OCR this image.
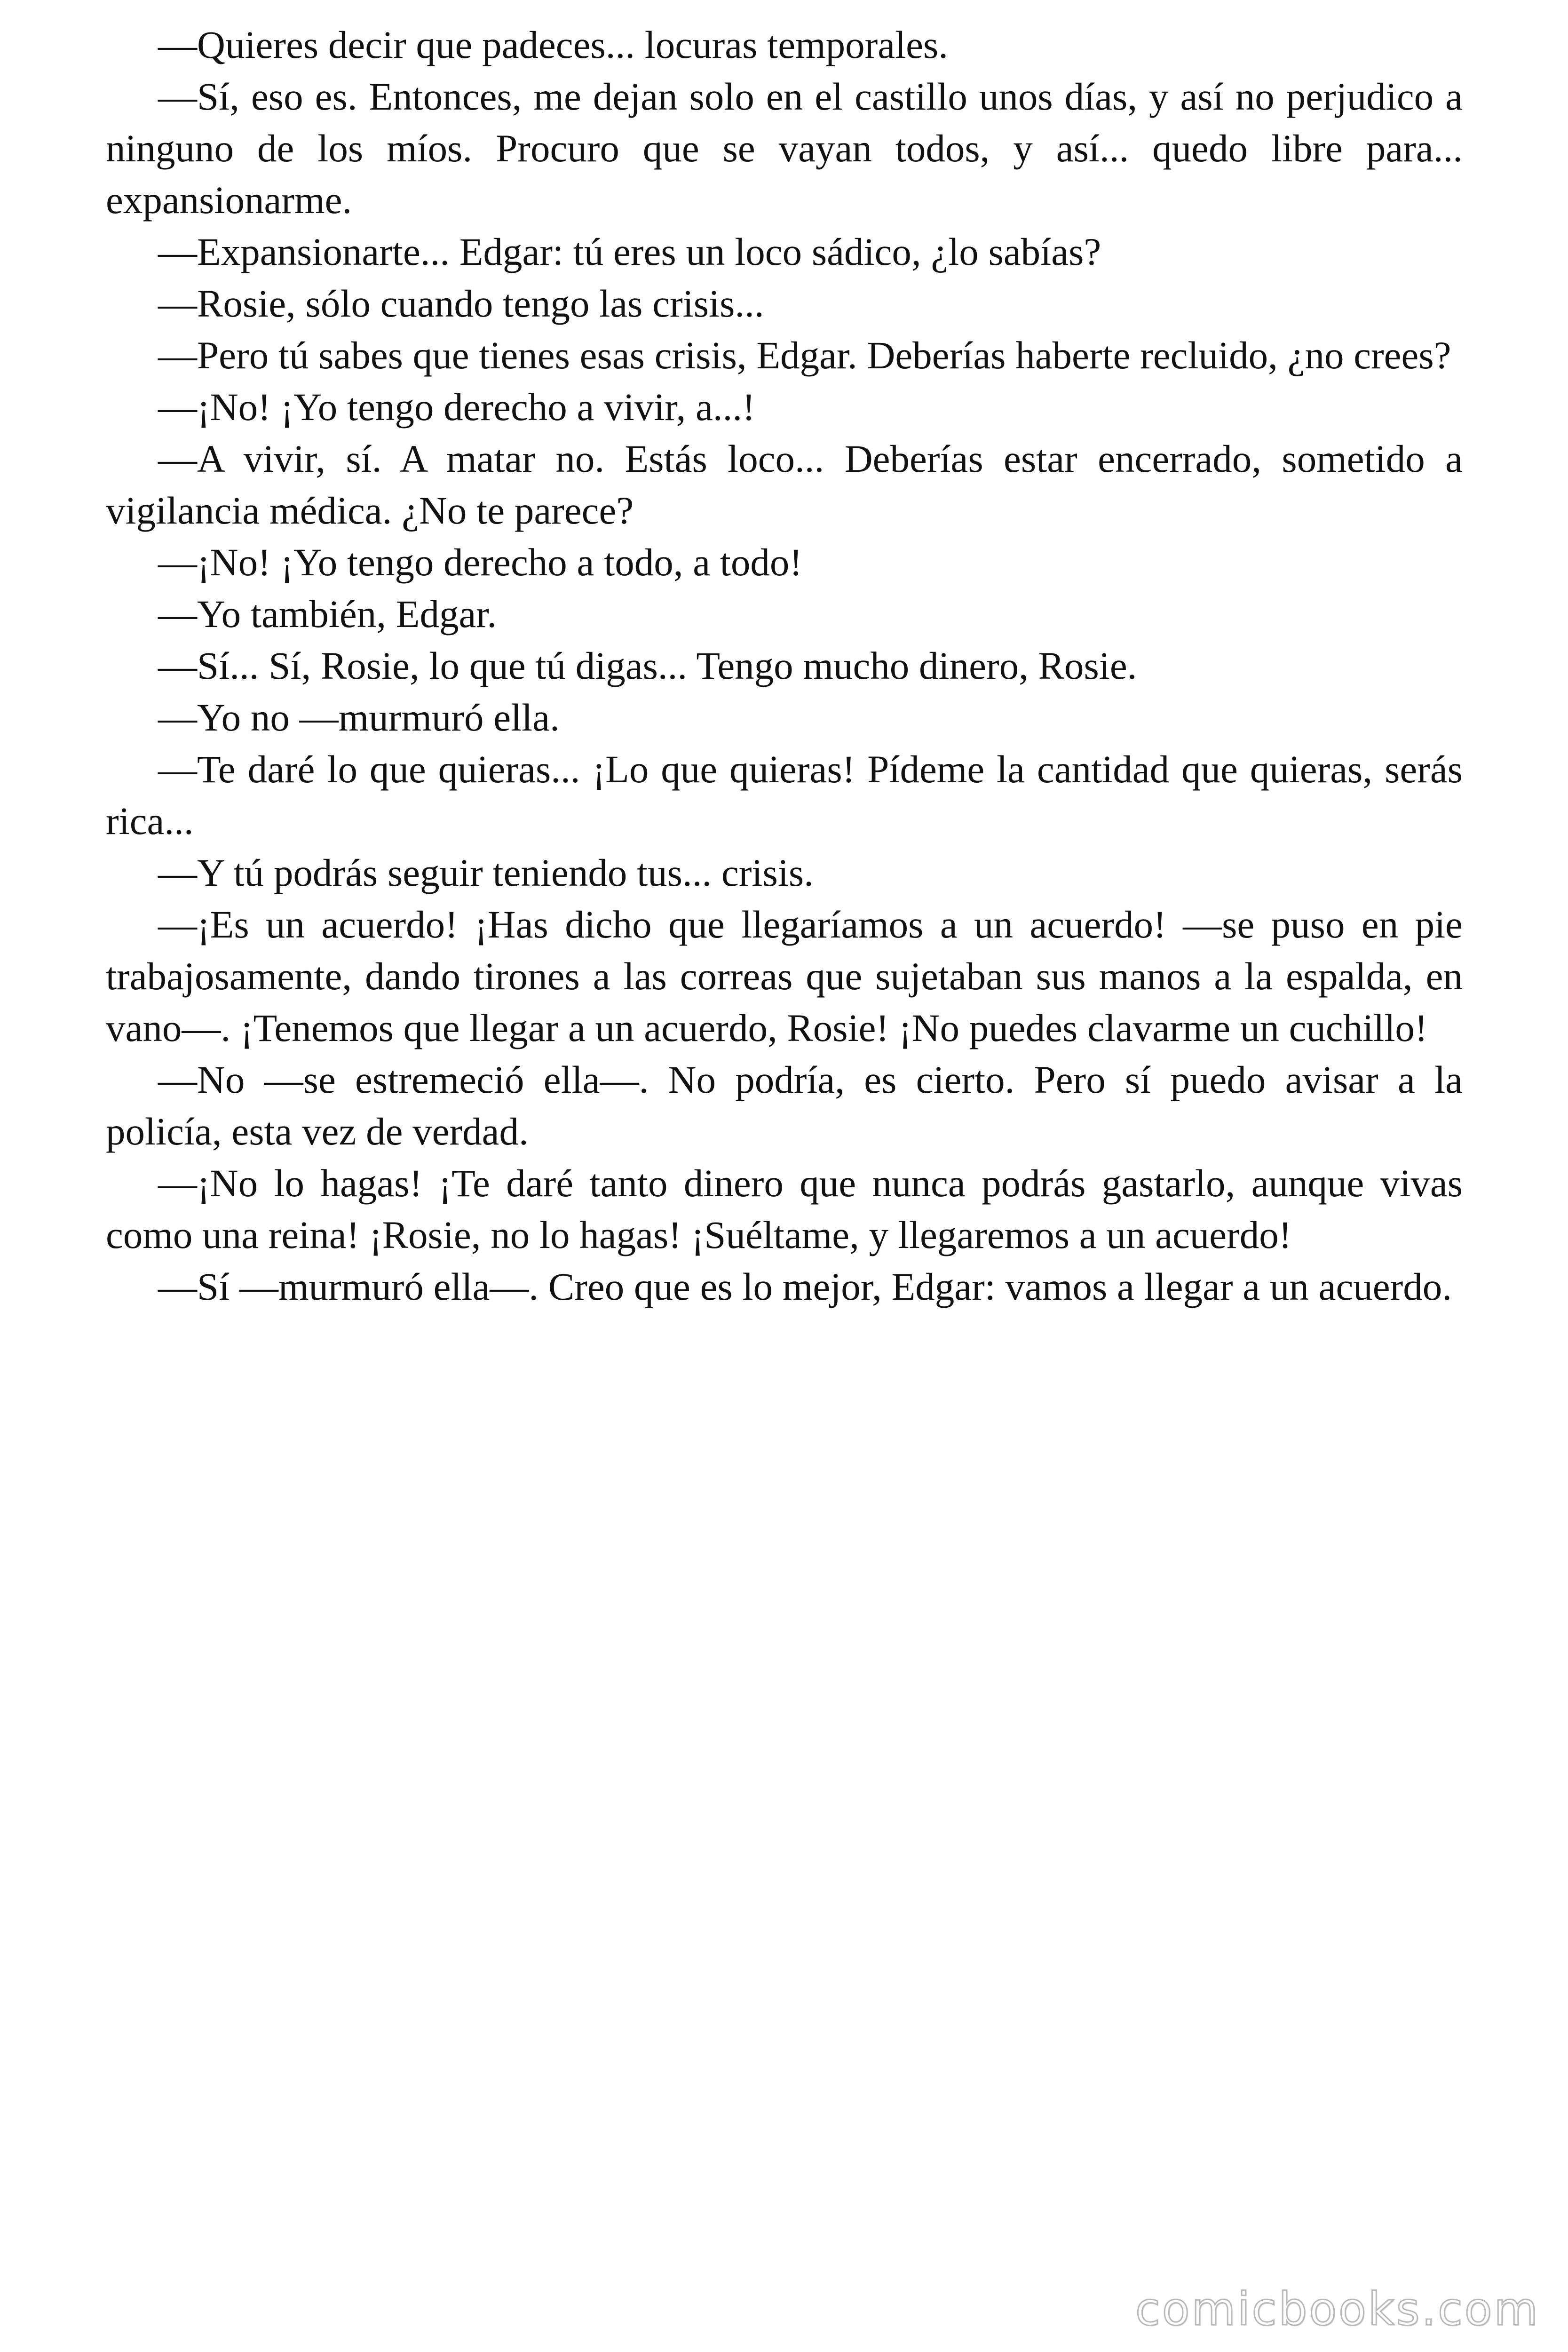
—Quieres decir que padeces... locuras temporales.

—Sí, eso es. Entonces, me dejan solo en el castillo unos días, y así no perjudico a ninguno de los míos. Procuro que se vayan todos, y así... quedo libre para... expansionarme.

—Expansionarte... Edgar: tú eres un loco sádico, ¿lo sabías?

—Rosie, sólo cuando tengo las crisis...

—Pero tú sabes que tienes esas crisis, Edgar. Deberías haberte recluido, ¿no crees?

—¡No! ¡Yo tengo derecho a vivir, a...!

—A vivir, sí. A matar no. Estás loco... Deberías estar encerrado, sometido a vigilancia médica. ¿No te parece?

—¡No! ¡Yo tengo derecho a todo, a todo!

—Yo también, Edgar.

—Sí... Sí, Rosie, lo que tú digas... Tengo mucho dinero, Rosie.

—Yo no —murmuró ella.

—Te daré lo que quieras... ¡Lo que quieras! Pídeme la cantidad que quieras, serás rica...

—Y tú podrás seguir teniendo tus... crisis.

—¡Es un acuerdo! ¡Has dicho que llegaríamos a un acuerdo! —se puso en pie trabajosamente, dando tirones a las correas que sujetaban sus manos a la espalda, en vano—. ¡Tenemos que llegar a un acuerdo, Rosie! ¡No puedes clavarme un cuchillo!

—No —se estremeció ella—. No podría, es cierto. Pero sí puedo avisar a la policía, esta vez de verdad.

—¡No lo hagas! ¡Te daré tanto dinero que nunca podrás gastarlo, aunque vivas como una reina! ¡Rosie, no lo hagas! ¡Suéltame, y llegaremos a un acuerdo!

—Sí —murmuró ella—. Creo que es lo mejor, Edgar: vamos a llegar a un acuerdo.

comicbooks.com
